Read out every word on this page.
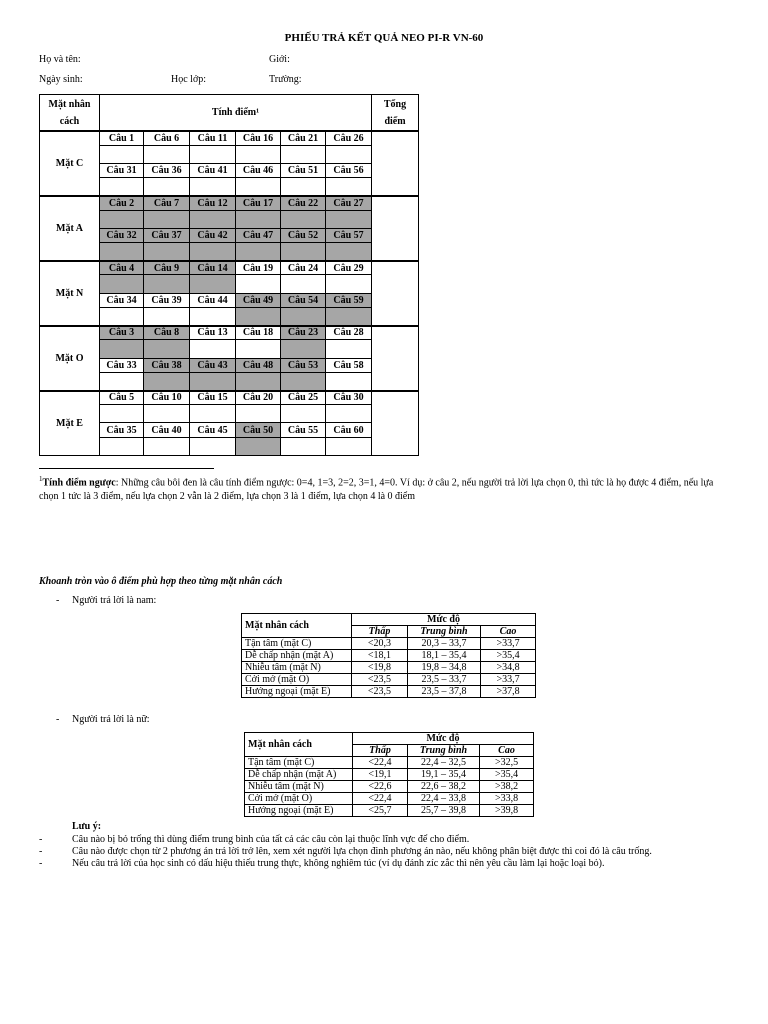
PHIẾU TRẢ KẾT QUẢ NEO PI-R VN-60
Họ và tên:	Giới:
Ngày sinh:	Học lớp:	Trường:
Mặt nhân
cách	Tính điểm¹						Tổng
điểm
Mặt C	Câu 1	Câu 6	Câu 11	Câu 16	Câu 21	Câu 26	

	Câu 31	Câu 36	Câu 41	Câu 46	Câu 51	Câu 56	

Mặt A	Câu 2	Câu 7	Câu 12	Câu 17	Câu 22	Câu 27	

	Câu 32	Câu 37	Câu 42	Câu 47	Câu 52	Câu 57	

Mặt N	Câu 4	Câu 9	Câu 14	Câu 19	Câu 24	Câu 29	

	Câu 34	Câu 39	Câu 44	Câu 49	Câu 54	Câu 59	

Mặt O	Câu 3	Câu 8	Câu 13	Câu 18	Câu 23	Câu 28	

	Câu 33	Câu 38	Câu 43	Câu 48	Câu 53	Câu 58	

Mặt E	Câu 5	Câu 10	Câu 15	Câu 20	Câu 25	Câu 30	

	Câu 35	Câu 40	Câu 45	Câu 50	Câu 55	Câu 60	

$^1$Tính điểm ngược: Những câu bôi đen là câu tính điểm ngược: 0=4, 1=3, 2=2, 3=1, 4=0. Ví dụ: ở câu 2, nếu người trả lời lựa chọn 0, thì tức là họ được 4 điểm, nếu lựa chọn 1 tức là 3 điểm, nếu lựa chọn 2 vẫn là 2 điểm, lựa chọn 3 là 1 điểm, lựa chọn 4 là 0 điểm
Khoanh tròn vào ô điểm phù hợp theo từng mặt nhân cách
- Người trả lời là nam:
Mặt nhân cách	Mức độ		
	Thấp	Trung bình	Cao
Tận tâm (mặt C)	<20,3	20,3 – 33,7	>33,7
Dễ chấp nhận (mặt A)	<18,1	18,1 – 35,4	>35,4
Nhiễu tâm (mặt N)	<19,8	19,8 – 34,8	>34,8
Cởi mở (mặt O)	<23,5	23,5 – 33,7	>33,7
Hướng ngoại (mặt E)	<23,5	23,5 – 37,8	>37,8
- Người trả lời là nữ:
Mặt nhân cách	Mức độ		
	Thấp	Trung bình	Cao
Tận tâm (mặt C)	<22,4	22,4 – 32,5	>32,5
Dễ chấp nhận (mặt A)	<19,1	19,1 – 35,4	>35,4
Nhiễu tâm (mặt N)	<22,6	22,6 – 38,2	>38,2
Cởi mở (mặt O)	<22,4	22,4 – 33,8	>33,8
Hướng ngoại (mặt E)	<25,7	25,7 – 39,8	>39,8
Lưu ý:
-	Câu nào bị bỏ trống thì dùng điểm trung bình của tất cả các câu còn lại thuộc lĩnh vực để cho điểm.
-	Câu nào được chọn từ 2 phương án trả lời trở lên, xem xét người lựa chọn đinh phương án nào, nếu không phân biệt được thì coi đó là câu trống.
-	Nếu câu trả lời của học sinh có dấu hiệu thiếu trung thực, không nghiêm túc (ví dụ đánh zíc zắc thì nên yêu cầu làm lại hoặc loại bỏ).
